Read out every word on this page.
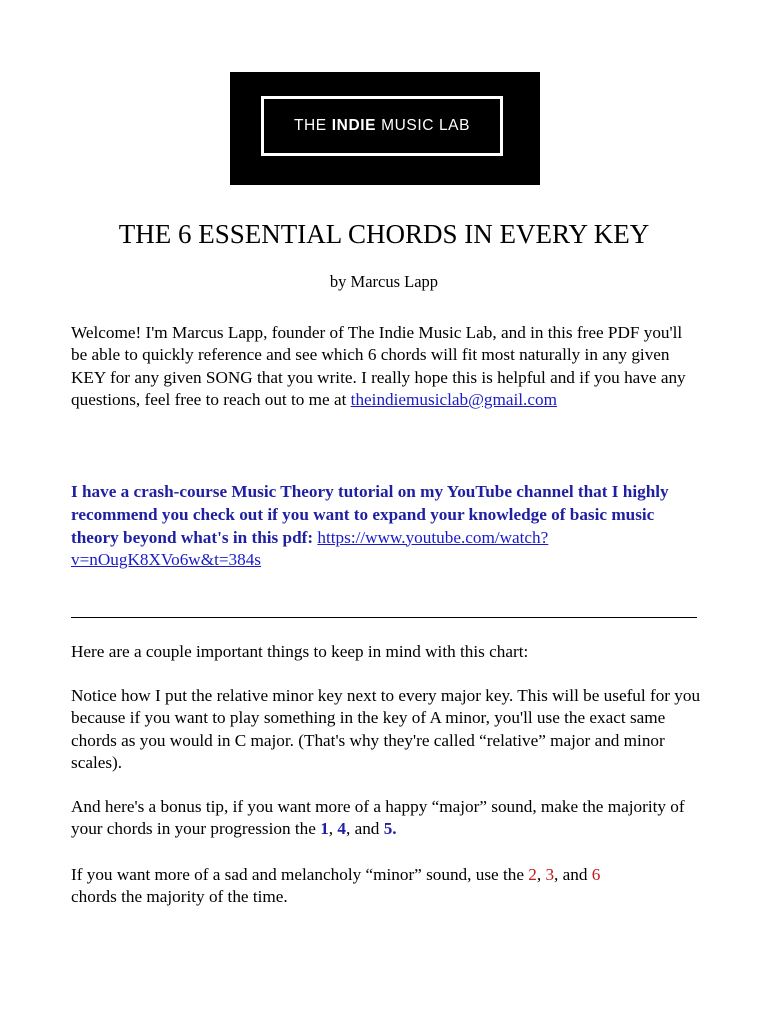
THE INDIE MUSIC LAB
THE 6 ESSENTIAL CHORDS IN EVERY KEY
by Marcus Lapp

Welcome! I'm Marcus Lapp, founder of The Indie Music Lab, and in this free PDF you'll be able to quickly reference and see which 6 chords will fit most naturally in any given KEY for any given SONG that you write. I really hope this is helpful and if you have any questions, feel free to reach out to me at theindiemusiclab@gmail.com

I have a crash-course Music Theory tutorial on my YouTube channel that I highly recommend you check out if you want to expand your knowledge of basic music theory beyond what's in this pdf: https://www.youtube.com/watch?
v=nOugK8XVo6w&t=384s

Here are a couple important things to keep in mind with this chart:

Notice how I put the relative minor key next to every major key. This will be useful for you because if you want to play something in the key of A minor, you'll use the exact same chords as you would in C major. (That's why they're called “relative” major and minor scales).

And here's a bonus tip, if you want more of a happy “major” sound, make the majority of your chords in your progression the 1, 4, and 5.

If you want more of a sad and melancholy “minor” sound, use the 2, 3, and 6
chords the majority of the time.
